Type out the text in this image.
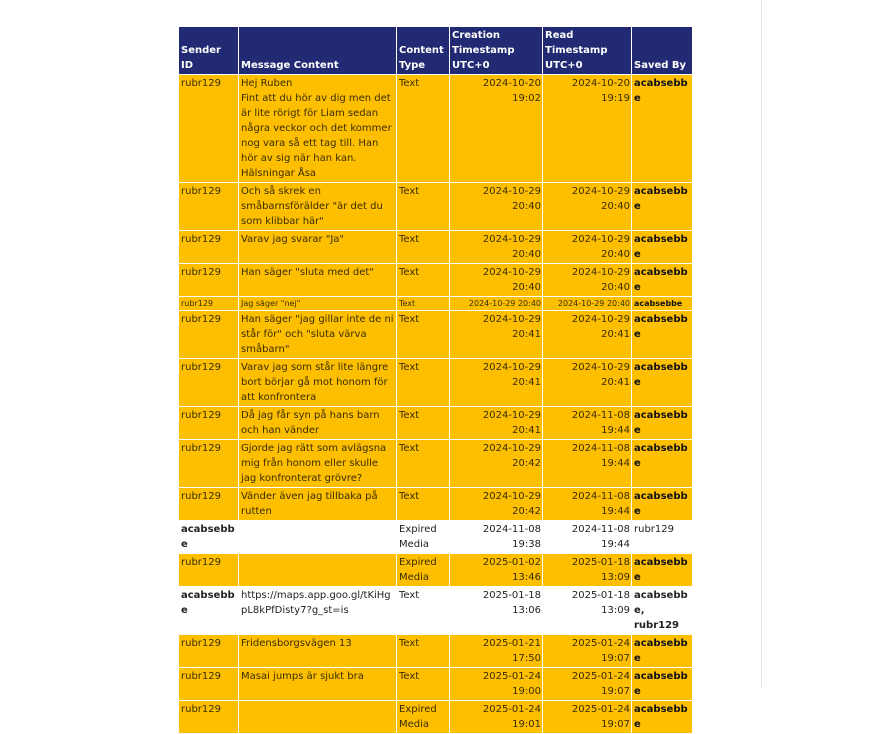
Sender ID	Message Content	Content Type	Creation Timestamp UTC+0	Read Timestamp UTC+0	Saved By
rubr129	Hej Ruben
Fint att du hör av dig men det är lite rörigt för Liam sedan några veckor och det kommer nog vara så ett tag till. Han hör av sig när han kan.
Hälsningar Åsa	Text	2024-10-20 19:02	2024-10-20 19:19	acabsebbe
rubr129	Och så skrek en småbarnsförälder "är det du som klibbar här"	Text	2024-10-29 20:40	2024-10-29 20:40	acabsebbe
rubr129	Varav jag svarar "Ja"	Text	2024-10-29 20:40	2024-10-29 20:40	acabsebbe
rubr129	Han säger "sluta med det"	Text	2024-10-29 20:40	2024-10-29 20:40	acabsebbe
rubr129	Jag säger "nej"	Text	2024-10-29 20:40	2024-10-29 20:40	acabsebbe
rubr129	Han säger "jag gillar inte de ni står för" och "sluta värva småbarn"	Text	2024-10-29 20:41	2024-10-29 20:41	acabsebbe
rubr129	Varav jag som står lite längre bort börjar gå mot honom för att konfrontera	Text	2024-10-29 20:41	2024-10-29 20:41	acabsebbe
rubr129	Då jag får syn på hans barn och han vänder	Text	2024-10-29 20:41	2024-11-08 19:44	acabsebbe
rubr129	Gjorde jag rätt som avlägsna mig från honom eller skulle jag konfronterat grövre?	Text	2024-10-29 20:42	2024-11-08 19:44	acabsebbe
rubr129	Vänder även jag tillbaka på rutten	Text	2024-10-29 20:42	2024-11-08 19:44	acabsebbe
acabsebbe		Expired Media	2024-11-08 19:38	2024-11-08 19:44	rubr129
rubr129		Expired Media	2025-01-02 13:46	2025-01-18 13:09	acabsebbe
acabsebbe	https://maps.app.goo.gl/tKiHgpL8kPfDisty7?g_st=is	Text	2025-01-18 13:06	2025-01-18 13:09	acabsebbe, rubr129
rubr129	Fridensborgsvägen 13	Text	2025-01-21 17:50	2025-01-24 19:07	acabsebbe
rubr129	Masai jumps är sjukt bra	Text	2025-01-24 19:00	2025-01-24 19:07	acabsebbe
rubr129		Expired Media	2025-01-24 19:01	2025-01-24 19:07	acabsebbe
